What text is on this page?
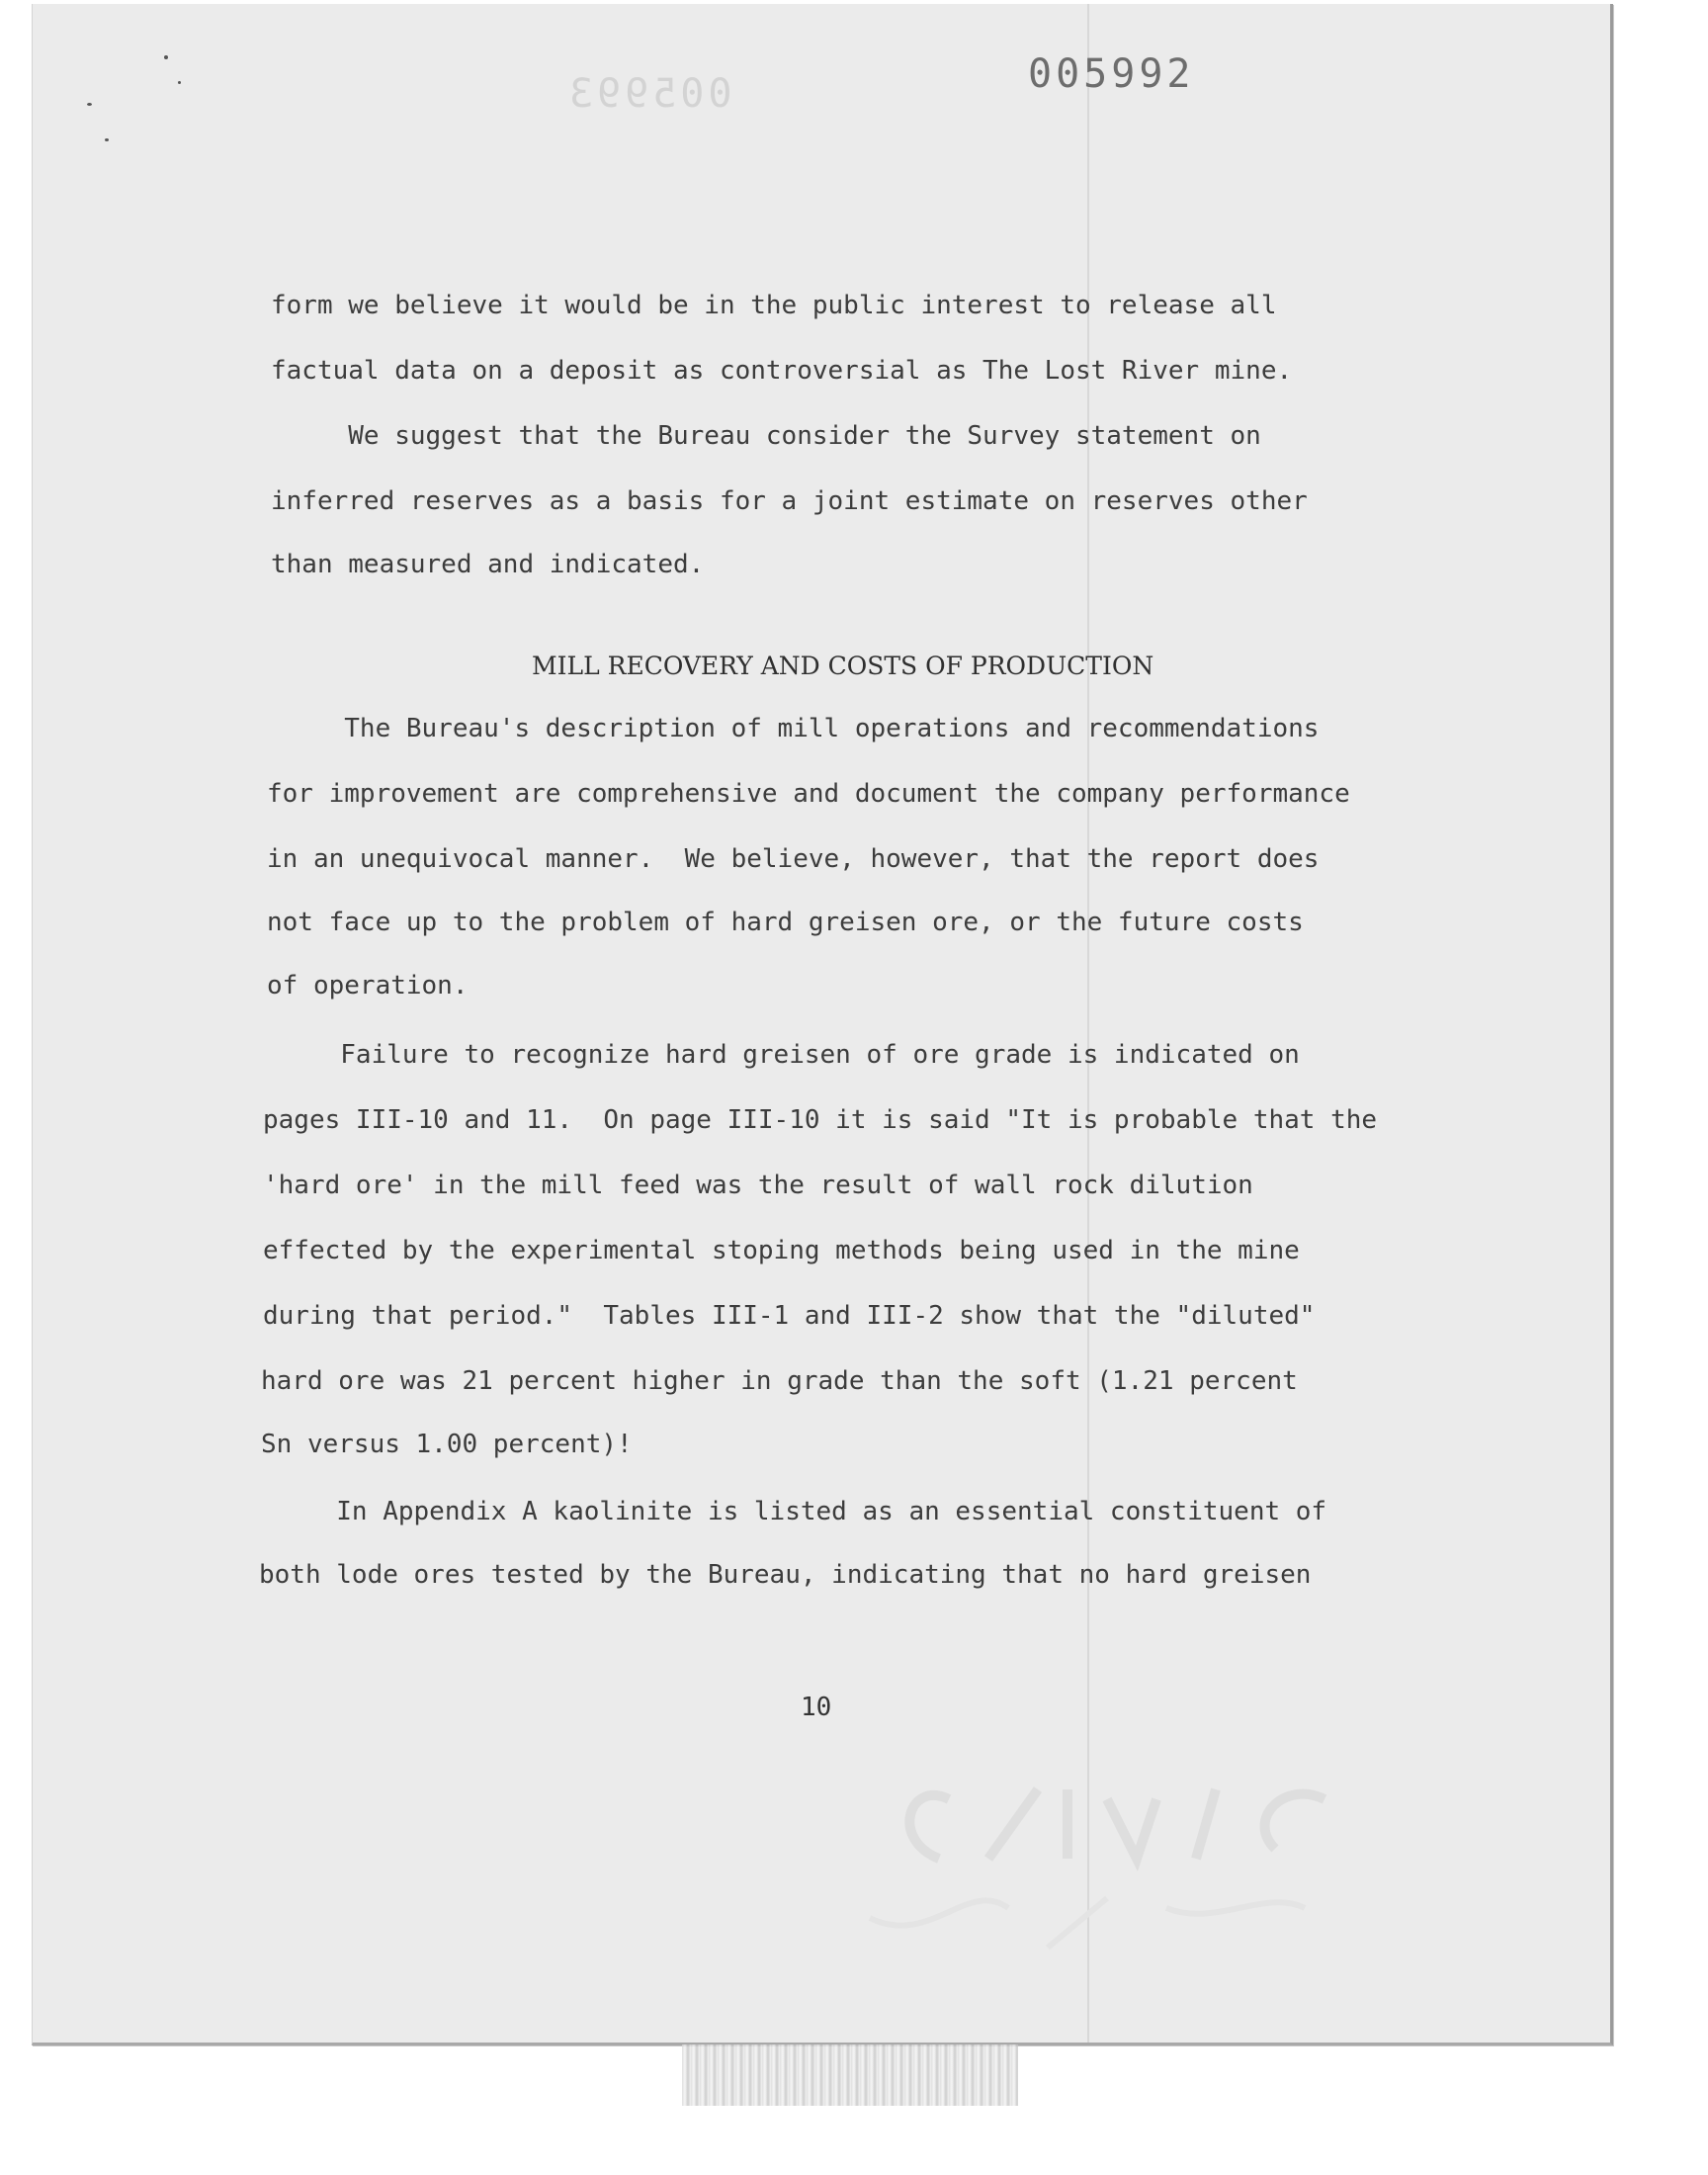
005993	005992
form we believe it would be in the public interest to release all
factual data on a deposit as controversial as The Lost River mine.
We suggest that the Bureau consider the Survey statement on
inferred reserves as a basis for a joint estimate on reserves other
than measured and indicated.
MILL RECOVERY AND COSTS OF PRODUCTION
The Bureau's description of mill operations and recommendations
for improvement are comprehensive and document the company performance
in an unequivocal manner.  We believe, however, that the report does
not face up to the problem of hard greisen ore, or the future costs
of operation.
Failure to recognize hard greisen of ore grade is indicated on
pages III-10 and 11.  On page III-10 it is said "It is probable that the
'hard ore' in the mill feed was the result of wall rock dilution
effected by the experimental stoping methods being used in the mine
during that period."  Tables III-1 and III-2 show that the "diluted"
hard ore was 21 percent higher in grade than the soft (1.21 percent
Sn versus 1.00 percent)!
In Appendix A kaolinite is listed as an essential constituent of
both lode ores tested by the Bureau, indicating that no hard greisen
10
